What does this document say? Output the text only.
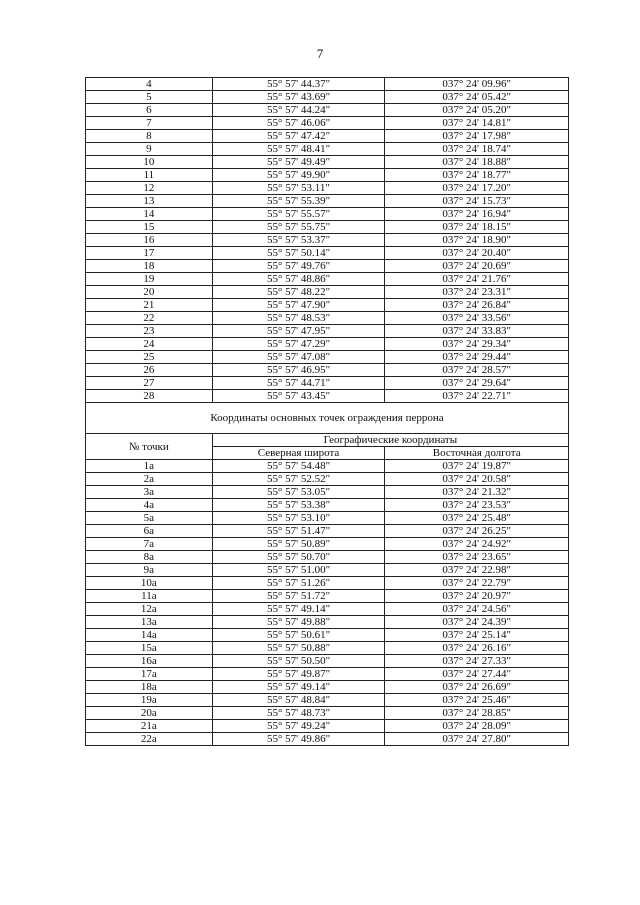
7
4	55° 57' 44.37"	037° 24' 09.96"
5	55° 57' 43.69"	037° 24' 05.42"
6	55° 57' 44.24"	037° 24' 05.20"
7	55° 57' 46.06"	037° 24' 14.81"
8	55° 57' 47.42"	037° 24' 17.98"
9	55° 57' 48.41"	037° 24' 18.74"
10	55° 57' 49.49"	037° 24' 18.88"
11	55° 57' 49.90"	037° 24' 18.77"
12	55° 57' 53.11"	037° 24' 17.20"
13	55° 57' 55.39"	037° 24' 15.73"
14	55° 57' 55.57"	037° 24' 16.94"
15	55° 57' 55.75"	037° 24' 18.15"
16	55° 57' 53.37"	037° 24' 18.90"
17	55° 57' 50.14"	037° 24' 20.40"
18	55° 57' 49.76"	037° 24' 20.69"
19	55° 57' 48.86"	037° 24' 21.76"
20	55° 57' 48.22"	037° 24' 23.31"
21	55° 57' 47.90"	037° 24' 26.84"
22	55° 57' 48.53"	037° 24' 33.56"
23	55° 57' 47.95"	037° 24' 33.83"
24	55° 57' 47.29"	037° 24' 29.34"
25	55° 57' 47.08"	037° 24' 29.44"
26	55° 57' 46.95"	037° 24' 28.57"
27	55° 57' 44.71"	037° 24' 29.64"
28	55° 57' 43.45"	037° 24' 22.71"
Координаты основных точек ограждения перрона		
№ точки	Географические координаты	
	Северная широта	Восточная долгота
1a	55° 57' 54.48"	037° 24' 19.87"
2a	55° 57' 52.52"	037° 24' 20.58"
3a	55° 57' 53.05"	037° 24' 21.32"
4a	55° 57' 53.38"	037° 24' 23.53"
5a	55° 57' 53.10"	037° 24' 25.48"
6a	55° 57' 51.47"	037° 24' 26.25"
7a	55° 57' 50.89"	037° 24' 24.92"
8a	55° 57' 50.70"	037° 24' 23.65"
9a	55° 57' 51.00"	037° 24' 22.98"
10a	55° 57' 51.26"	037° 24' 22.79"
11a	55° 57' 51.72"	037° 24' 20.97"
12a	55° 57' 49.14"	037° 24' 24.56"
13a	55° 57' 49.88"	037° 24' 24.39"
14a	55° 57' 50.61"	037° 24' 25.14"
15a	55° 57' 50.88"	037° 24' 26.16"
16a	55° 57' 50.50"	037° 24' 27.33"
17a	55° 57' 49.87"	037° 24' 27.44"
18a	55° 57' 49.14"	037° 24' 26.69"
19a	55° 57' 48.84"	037° 24' 25.46"
20a	55° 57' 48.73"	037° 24' 28.85"
21a	55° 57' 49.24"	037° 24' 28.09"
22a	55° 57' 49.86"	037° 24' 27.80"
